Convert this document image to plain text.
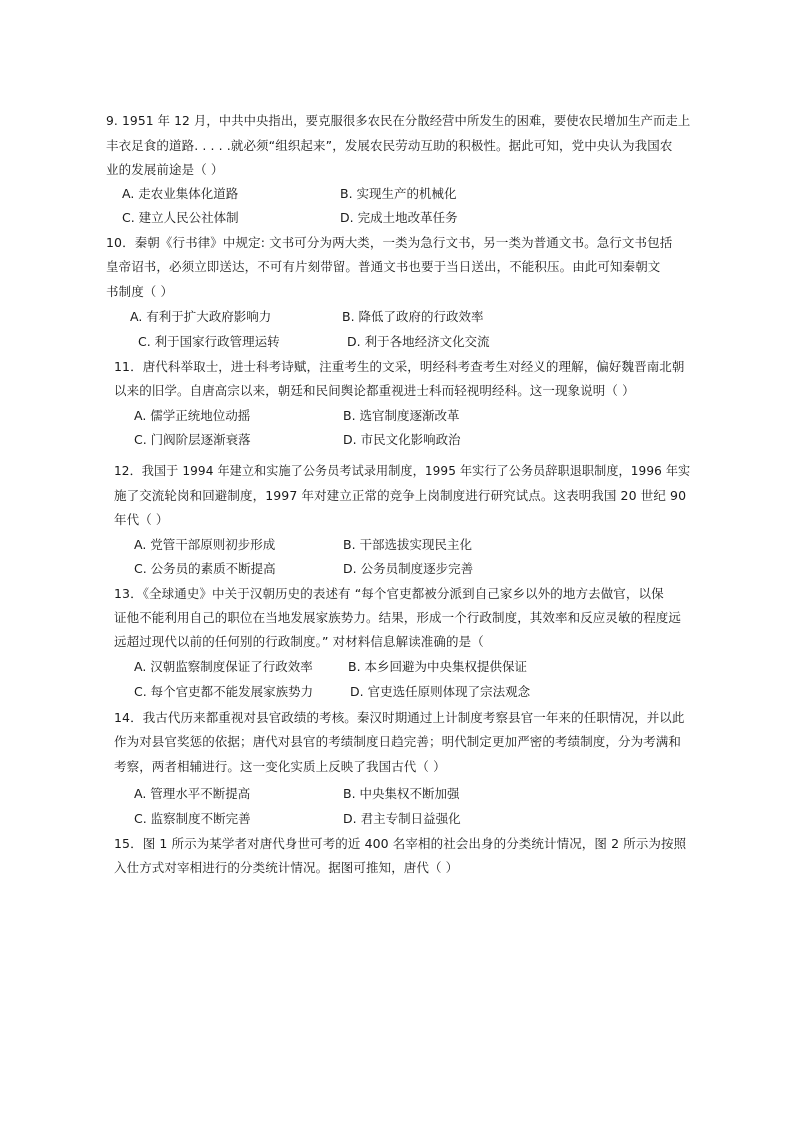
9. 1951 年 12 月，中共中央指出，要克服很多农民在分散经营中所发生的困难，要使农民增加生产而走上
丰衣足食的道路. . . . .就必须“组织起来”，发展农民劳动互助的积极性。据此可知，党中央认为我国农
业的发展前途是（ ）
A. 走农业集体化道路	B. 实现生产的机械化
C. 建立人民公社体制	D. 完成土地改革任务
10．秦朝《行书律》中规定: 文书可分为两大类，一类为急行文书，另一类为普通文书。急行文书包括
皇帝诏书，必须立即送达，不可有片刻带留。普通文书也要于当日送出，不能积压。由此可知秦朝文
书制度（ ）
A. 有利于扩大政府影响力	B. 降低了政府的行政效率
C. 利于国家行政管理运转	D. 利于各地经济文化交流
11．唐代科举取士，进士科考诗赋，注重考生的文采，明经科考查考生对经义的理解，偏好魏晋南北朝
以来的旧学。自唐高宗以来，朝廷和民间舆论都重视进士科而轻视明经科。这一现象说明（ ）
A. 儒学正统地位动摇	B. 选官制度逐渐改革
C. 门阀阶层逐渐衰落	D. 市民文化影响政治
12．我国于 1994 年建立和实施了公务员考试录用制度，1995 年实行了公务员辞职退职制度，1996 年实
施了交流轮岗和回避制度，1997 年对建立正常的竞争上岗制度进行研究试点。这表明我国 20 世纪 90
年代（ ）
A. 党管干部原则初步形成	B. 干部选拔实现民主化
C. 公务员的素质不断提高	D. 公务员制度逐步完善
13．《全球通史》中关于汉朝历史的表述有 “每个官吏都被分派到自己家乡以外的地方去做官，以保
证他不能利用自己的职位在当地发展家族势力。结果，形成一个行政制度，其效率和反应灵敏的程度远
远超过现代以前的任何别的行政制度。” 对材料信息解读准确的是（
A. 汉朝监察制度保证了行政效率	B. 本乡回避为中央集权提供保证
C. 每个官吏都不能发展家族势力	D. 官吏选任原则体现了宗法观念
14．我古代历来都重视对县官政绩的考核。秦汉时期通过上计制度考察县官一年来的任职情况，并以此
作为对县官奖惩的依据；唐代对县官的考绩制度日趋完善；明代制定更加严密的考绩制度，分为考满和
考察，两者相辅进行。这一变化实质上反映了我国古代（ ）
A. 管理水平不断提高	B. 中央集权不断加强
C. 监察制度不断完善	D. 君主专制日益强化
15．图 1 所示为某学者对唐代身世可考的近 400 名宰相的社会出身的分类统计情况，图 2 所示为按照
入仕方式对宰相进行的分类统计情况。据图可推知，唐代（ ）
